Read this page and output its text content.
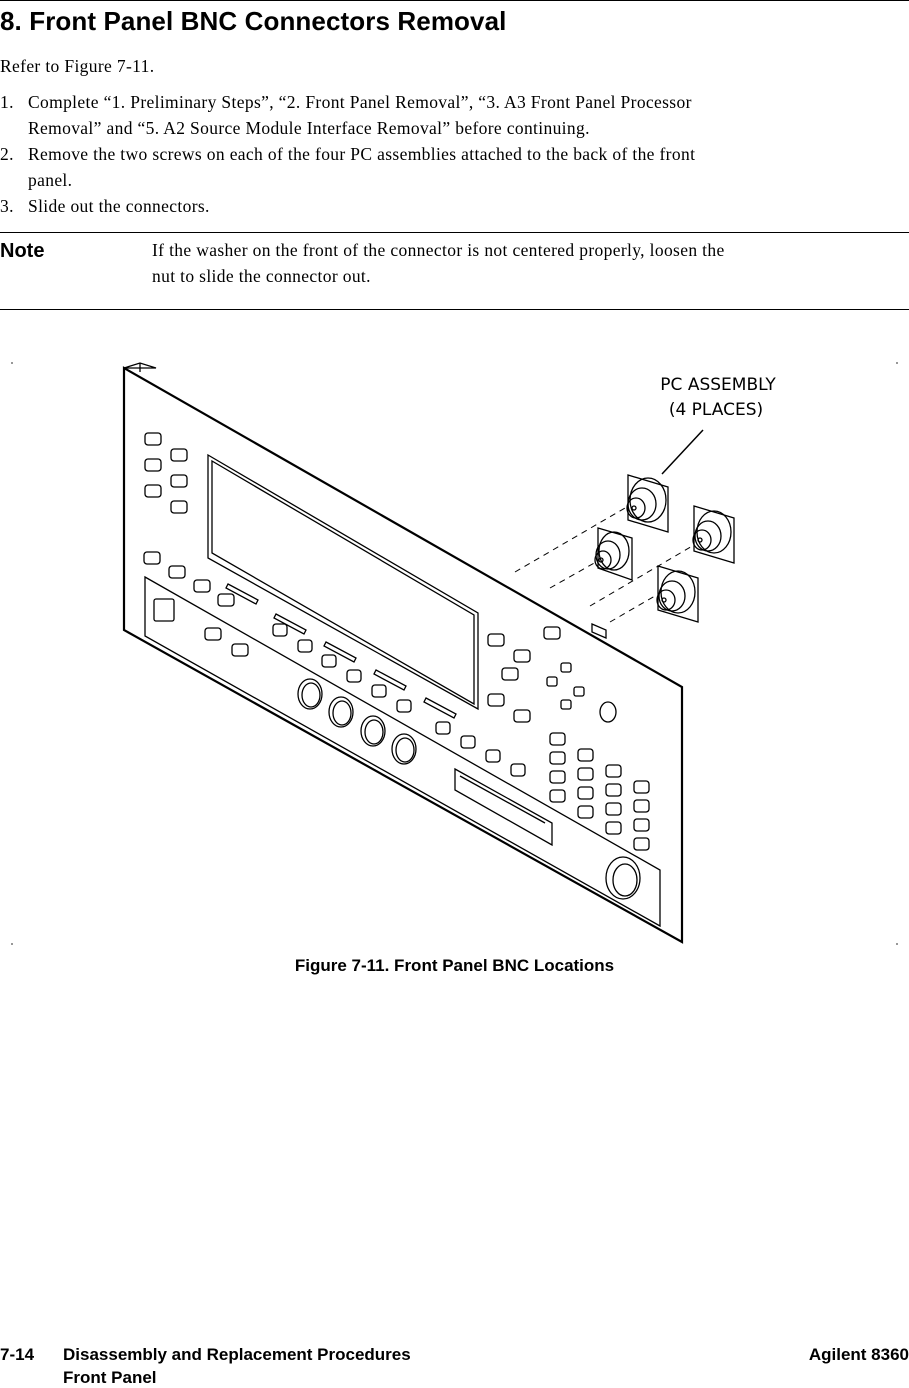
8. Front Panel BNC Connectors Removal
Refer to Figure 7-11.
1. Complete “1. Preliminary Steps”, “2. Front Panel Removal”, “3. A3 Front Panel Processor
Removal” and “5. A2 Source Module Interface Removal” before continuing.
2. Remove the two screws on each of the four PC assemblies attached to the back of the front
panel.
3. Slide out the connectors.
Note	If the washer on the front of the connector is not centered properly, loosen the
nut to slide the connector out.
PC ASSEMBLY
(4 PLACES)
Figure 7-11. Front Panel BNC Locations
7-14 Disassembly and Replacement Procedures
Front Panel
Agilent 8360
